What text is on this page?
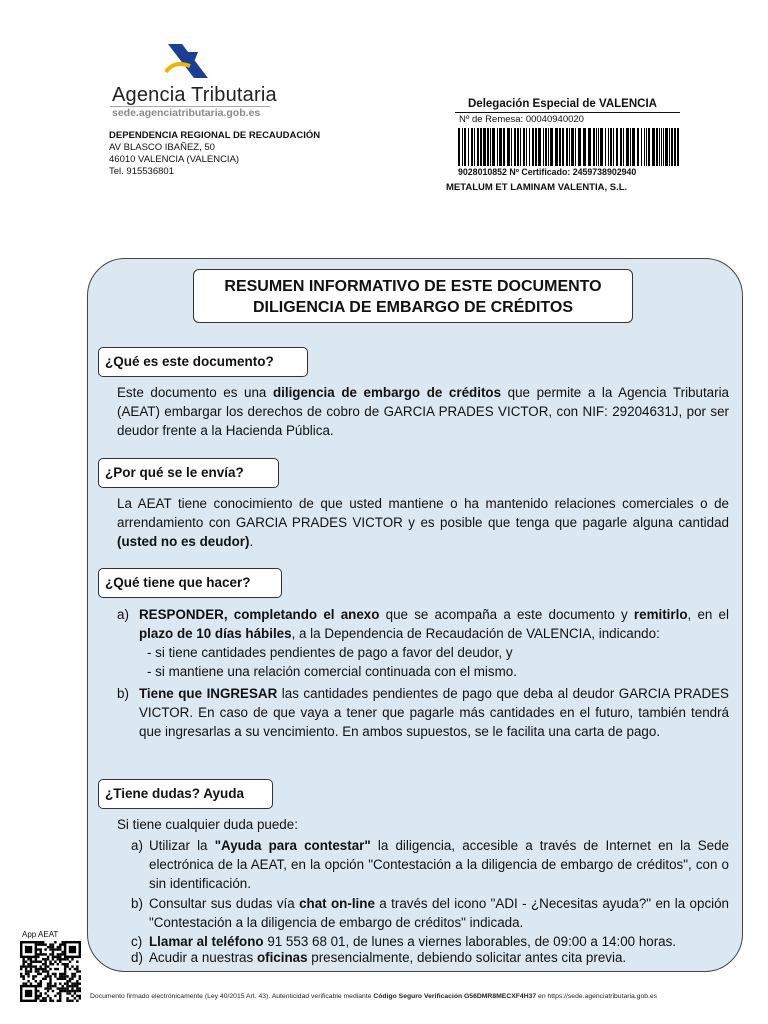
Agencia Tributaria
sede.agenciatributaria.gob.es
DEPENDENCIA REGIONAL DE RECAUDACIÓN
AV BLASCO IBAÑEZ, 50
46010 VALENCIA (VALENCIA)
Tel. 915536801
Delegación Especial de VALENCIA
Nº de Remesa: 00040940020
9028010852 Nº Certificado: 2459738902940
METALUM ET LAMINAM VALENTIA, S.L.
RESUMEN INFORMATIVO DE ESTE DOCUMENTO
DILIGENCIA DE EMBARGO DE CRÉDITOS
¿Qué es este documento?
Este documento es una diligencia de embargo de créditos que permite a la Agencia Tributaria (AEAT) embargar los derechos de cobro de GARCIA PRADES VICTOR, con NIF: 29204631J, por ser deudor frente a la Hacienda Pública.
¿Por qué se le envía?
La AEAT tiene conocimiento de que usted mantiene o ha mantenido relaciones comerciales o de arrendamiento con GARCIA PRADES VICTOR y es posible que tenga que pagarle alguna cantidad (usted no es deudor).
¿Qué tiene que hacer?
a) RESPONDER, completando el anexo que se acompaña a este documento y remitirlo, en el plazo de 10 días hábiles, a la Dependencia de Recaudación de VALENCIA, indicando:
- si tiene cantidades pendientes de pago a favor del deudor, y
- si mantiene una relación comercial continuada con el mismo.
b) Tiene que INGRESAR las cantidades pendientes de pago que deba al deudor GARCIA PRADES VICTOR. En caso de que vaya a tener que pagarle más cantidades en el futuro, también tendrá que ingresarlas a su vencimiento. En ambos supuestos, se le facilita una carta de pago.
¿Tiene dudas? Ayuda
Si tiene cualquier duda puede:
a) Utilizar la "Ayuda para contestar" la diligencia, accesible a través de Internet en la Sede electrónica de la AEAT, en la opción "Contestación a la diligencia de embargo de créditos", con o sin identificación.
b) Consultar sus dudas vía chat on-line a través del icono "ADI - ¿Necesitas ayuda?" en la opción "Contestación a la diligencia de embargo de créditos" indicada.
c) Llamar al teléfono 91 553 68 01, de lunes a viernes laborables, de 09:00 a 14:00 horas.
d) Acudir a nuestras oficinas presencialmente, debiendo solicitar antes cita previa.
App AEAT
Documento firmado electrónicamente (Ley 40/2015 Art. 43). Autenticidad verificable mediante Código Seguro Verificación G56DMR8MECXF4H37 en https://sede.agenciatributaria.gob.es
